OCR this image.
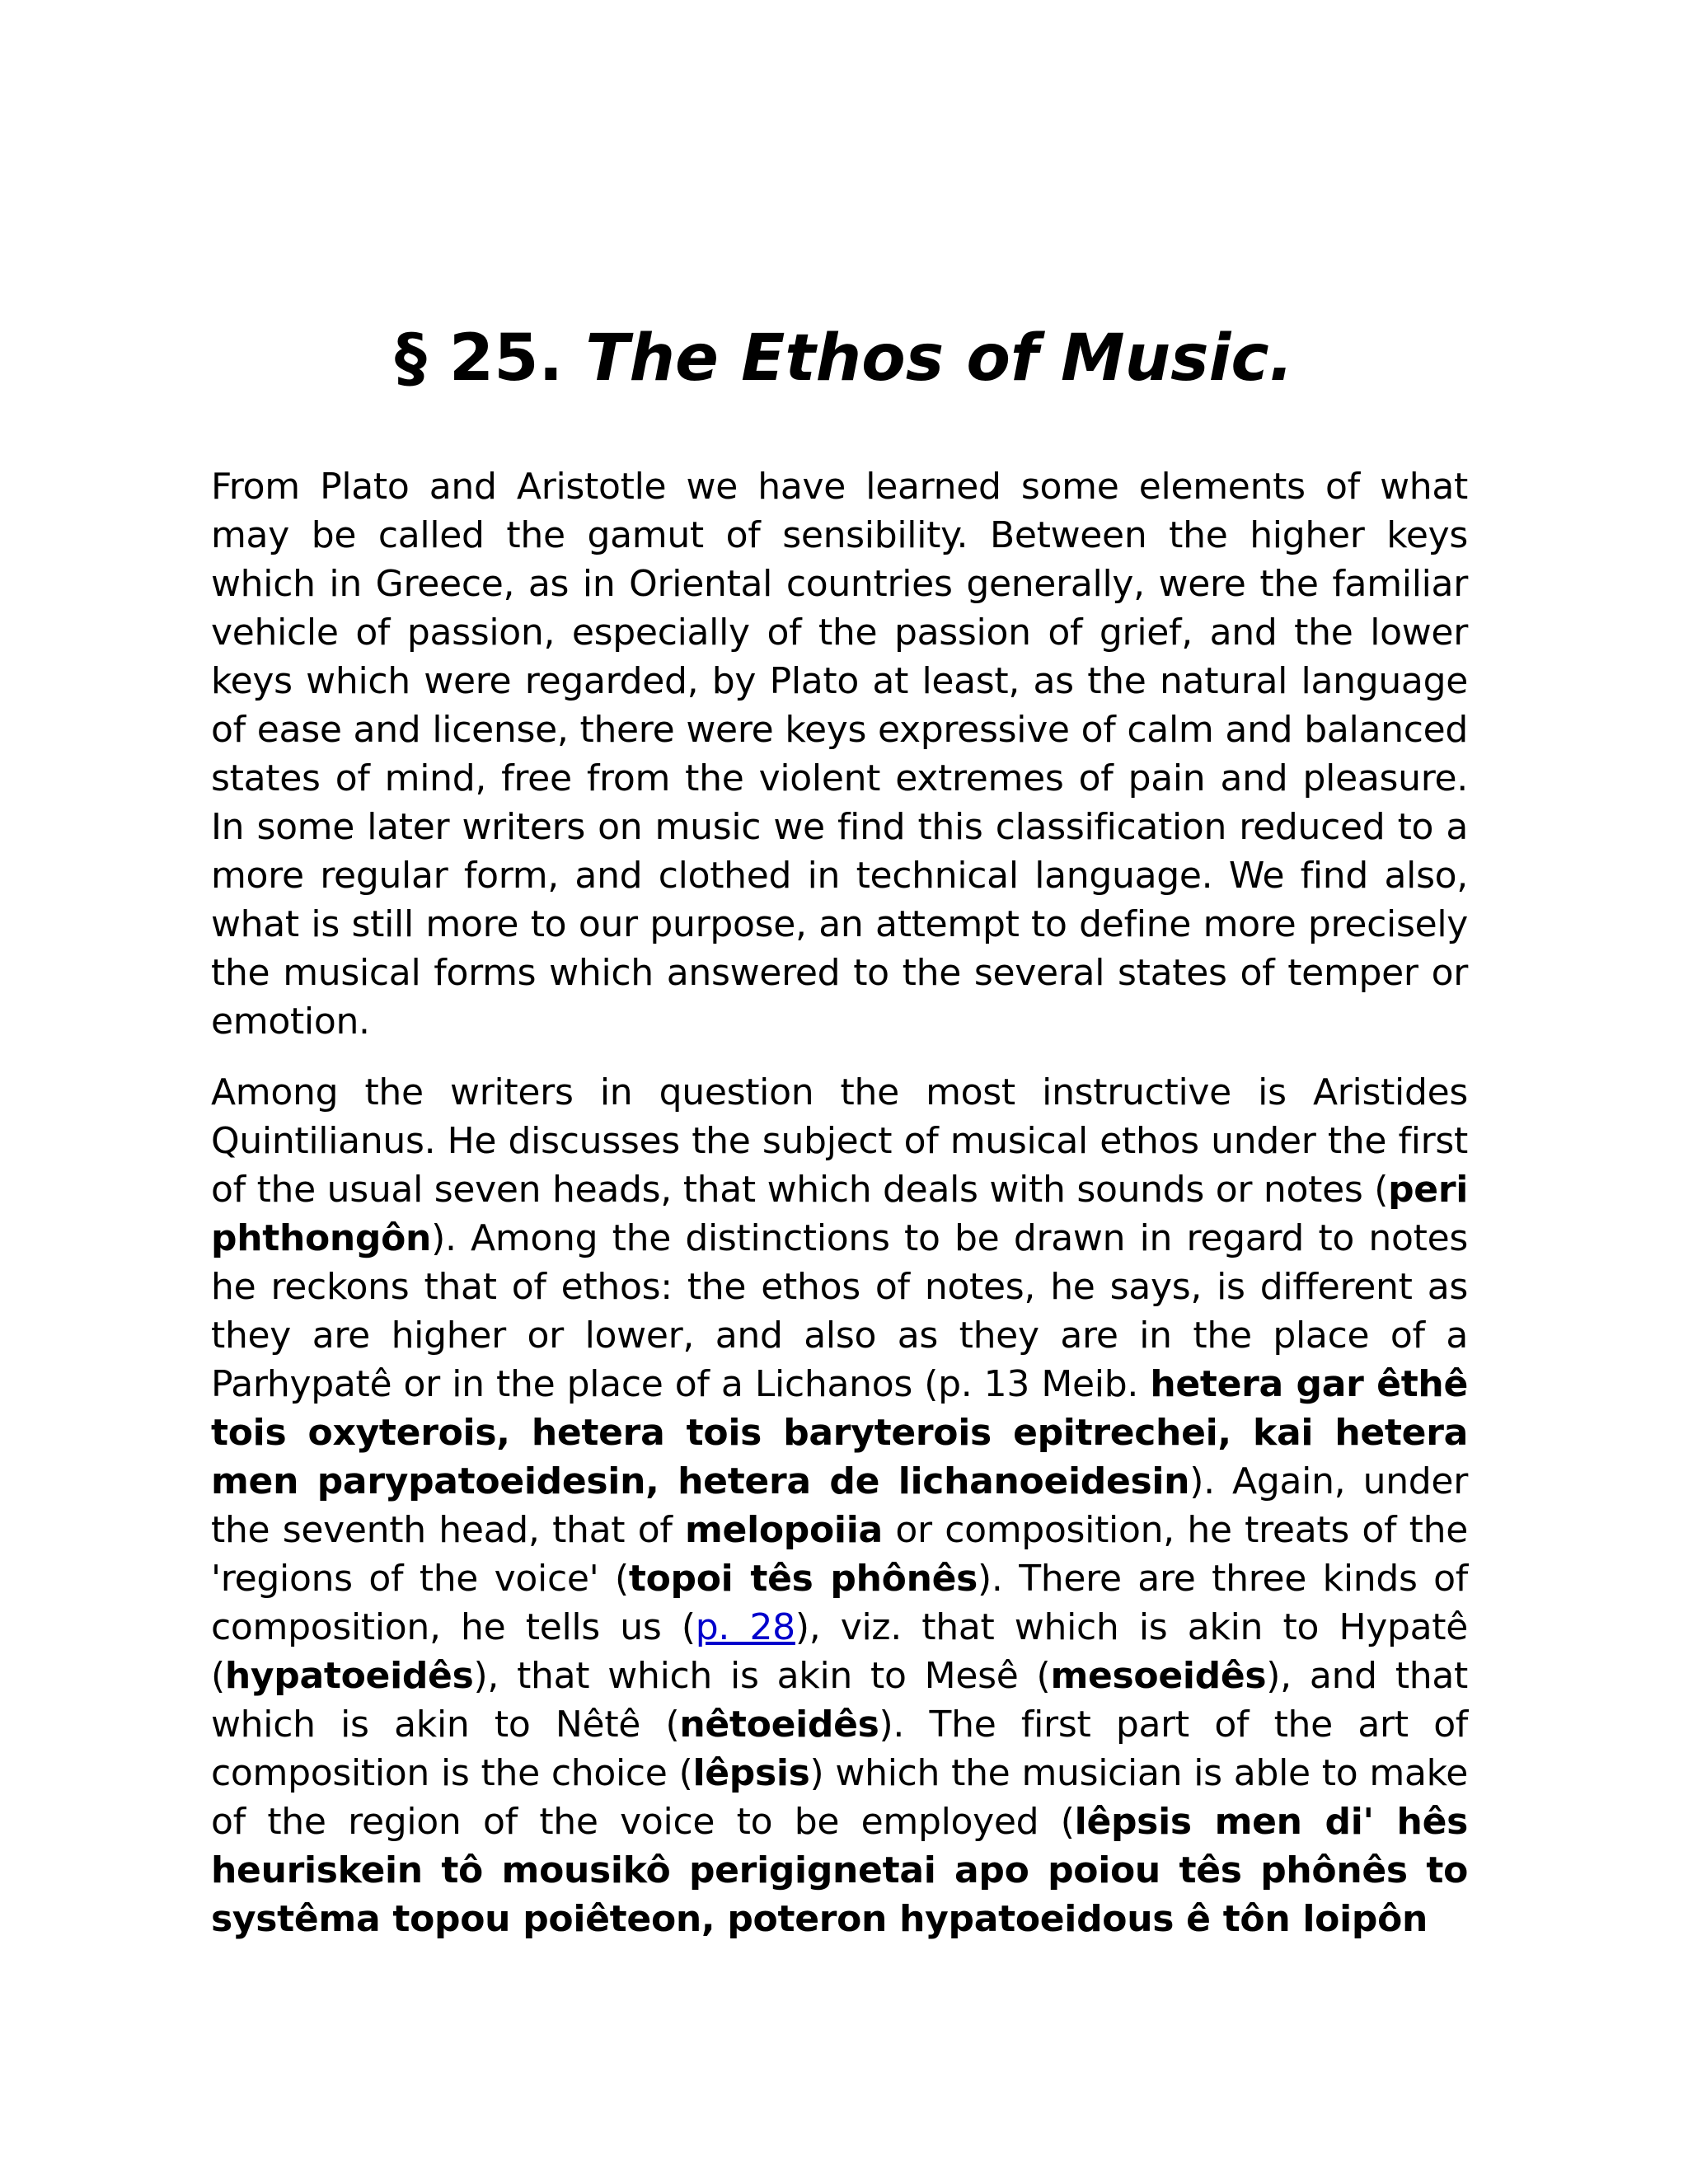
§ 25. The Ethos of Music.

From Plato and Aristotle we have learned some elements of what may be called the gamut of sensibility. Between the higher keys which in Greece, as in Oriental countries generally, were the familiar vehicle of passion, especially of the passion of grief, and the lower keys which were regarded, by Plato at least, as the natural language of ease and license, there were keys expressive of calm and balanced states of mind, free from the violent extremes of pain and pleasure. In some later writers on music we find this classification reduced to a more regular form, and clothed in technical language. We find also, what is still more to our purpose, an attempt to define more precisely the musical forms which answered to the several states of temper or emotion.

Among the writers in question the most instructive is Aristides Quintilianus. He discusses the subject of musical ethos under the first of the usual seven heads, that which deals with sounds or notes (peri phthongôn). Among the distinctions to be drawn in regard to notes he reckons that of ethos: the ethos of notes, he says, is different as they are higher or lower, and also as they are in the place of a Parhypatê or in the place of a Lichanos (p. 13 Meib. hetera gar êthê tois oxyterois, hetera tois baryterois epitrechei, kai hetera men parypatoeidesin, hetera de lichanoeidesin). Again, under the seventh head, that of melopoiia or composition, he treats of the 'regions of the voice' (topoi tês phônês). There are three kinds of composition, he tells us (p. 28), viz. that which is akin to Hypatê (hypatoeidês), that which is akin to Mesê (mesoeidês), and that which is akin to Nêtê (nêtoeidês). The first part of the art of composition is the choice (lêpsis) which the musician is able to make of the region of the voice to be employed (lêpsis men di' hês heuriskein tô mousikô perigignetai apo poiou tês phônês to systêma topou poiêteon, poteron hypatoeidous ê tôn loipôn
